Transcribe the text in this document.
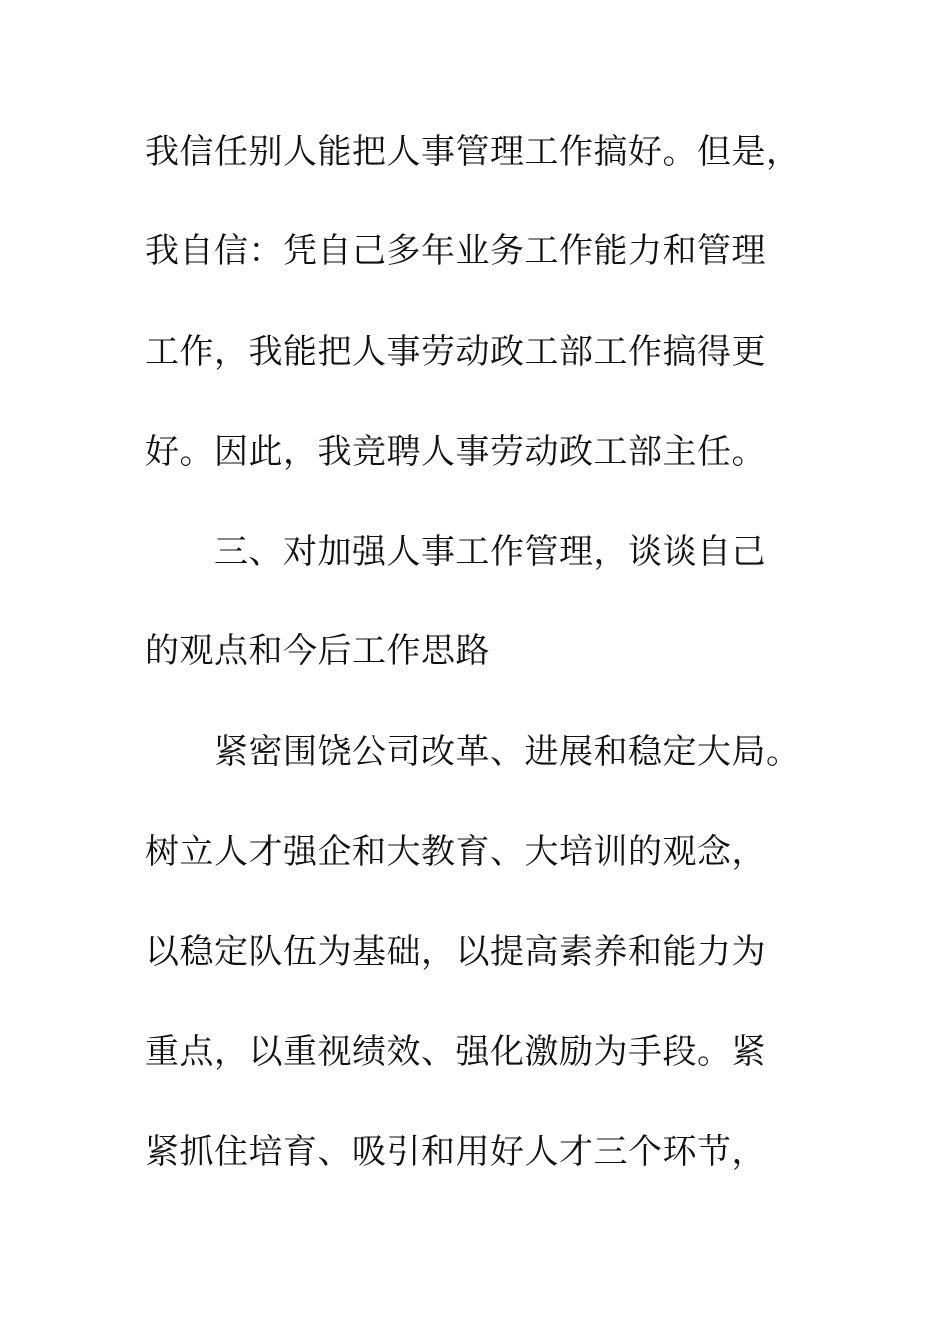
我信任别人能把人事管理工作搞好。但是，
我自信：凭自己多年业务工作能力和管理
工作，我能把人事劳动政工部工作搞得更
好。因此，我竞聘人事劳动政工部主任。
三、对加强人事工作管理，谈谈自己
的观点和今后工作思路
紧密围饶公司改革、进展和稳定大局。
树立人才强企和大教育、大培训的观念，
以稳定队伍为基础，以提高素养和能力为
重点，以重视绩效、强化激励为手段。紧
紧抓住培育、吸引和用好人才三个环节，
